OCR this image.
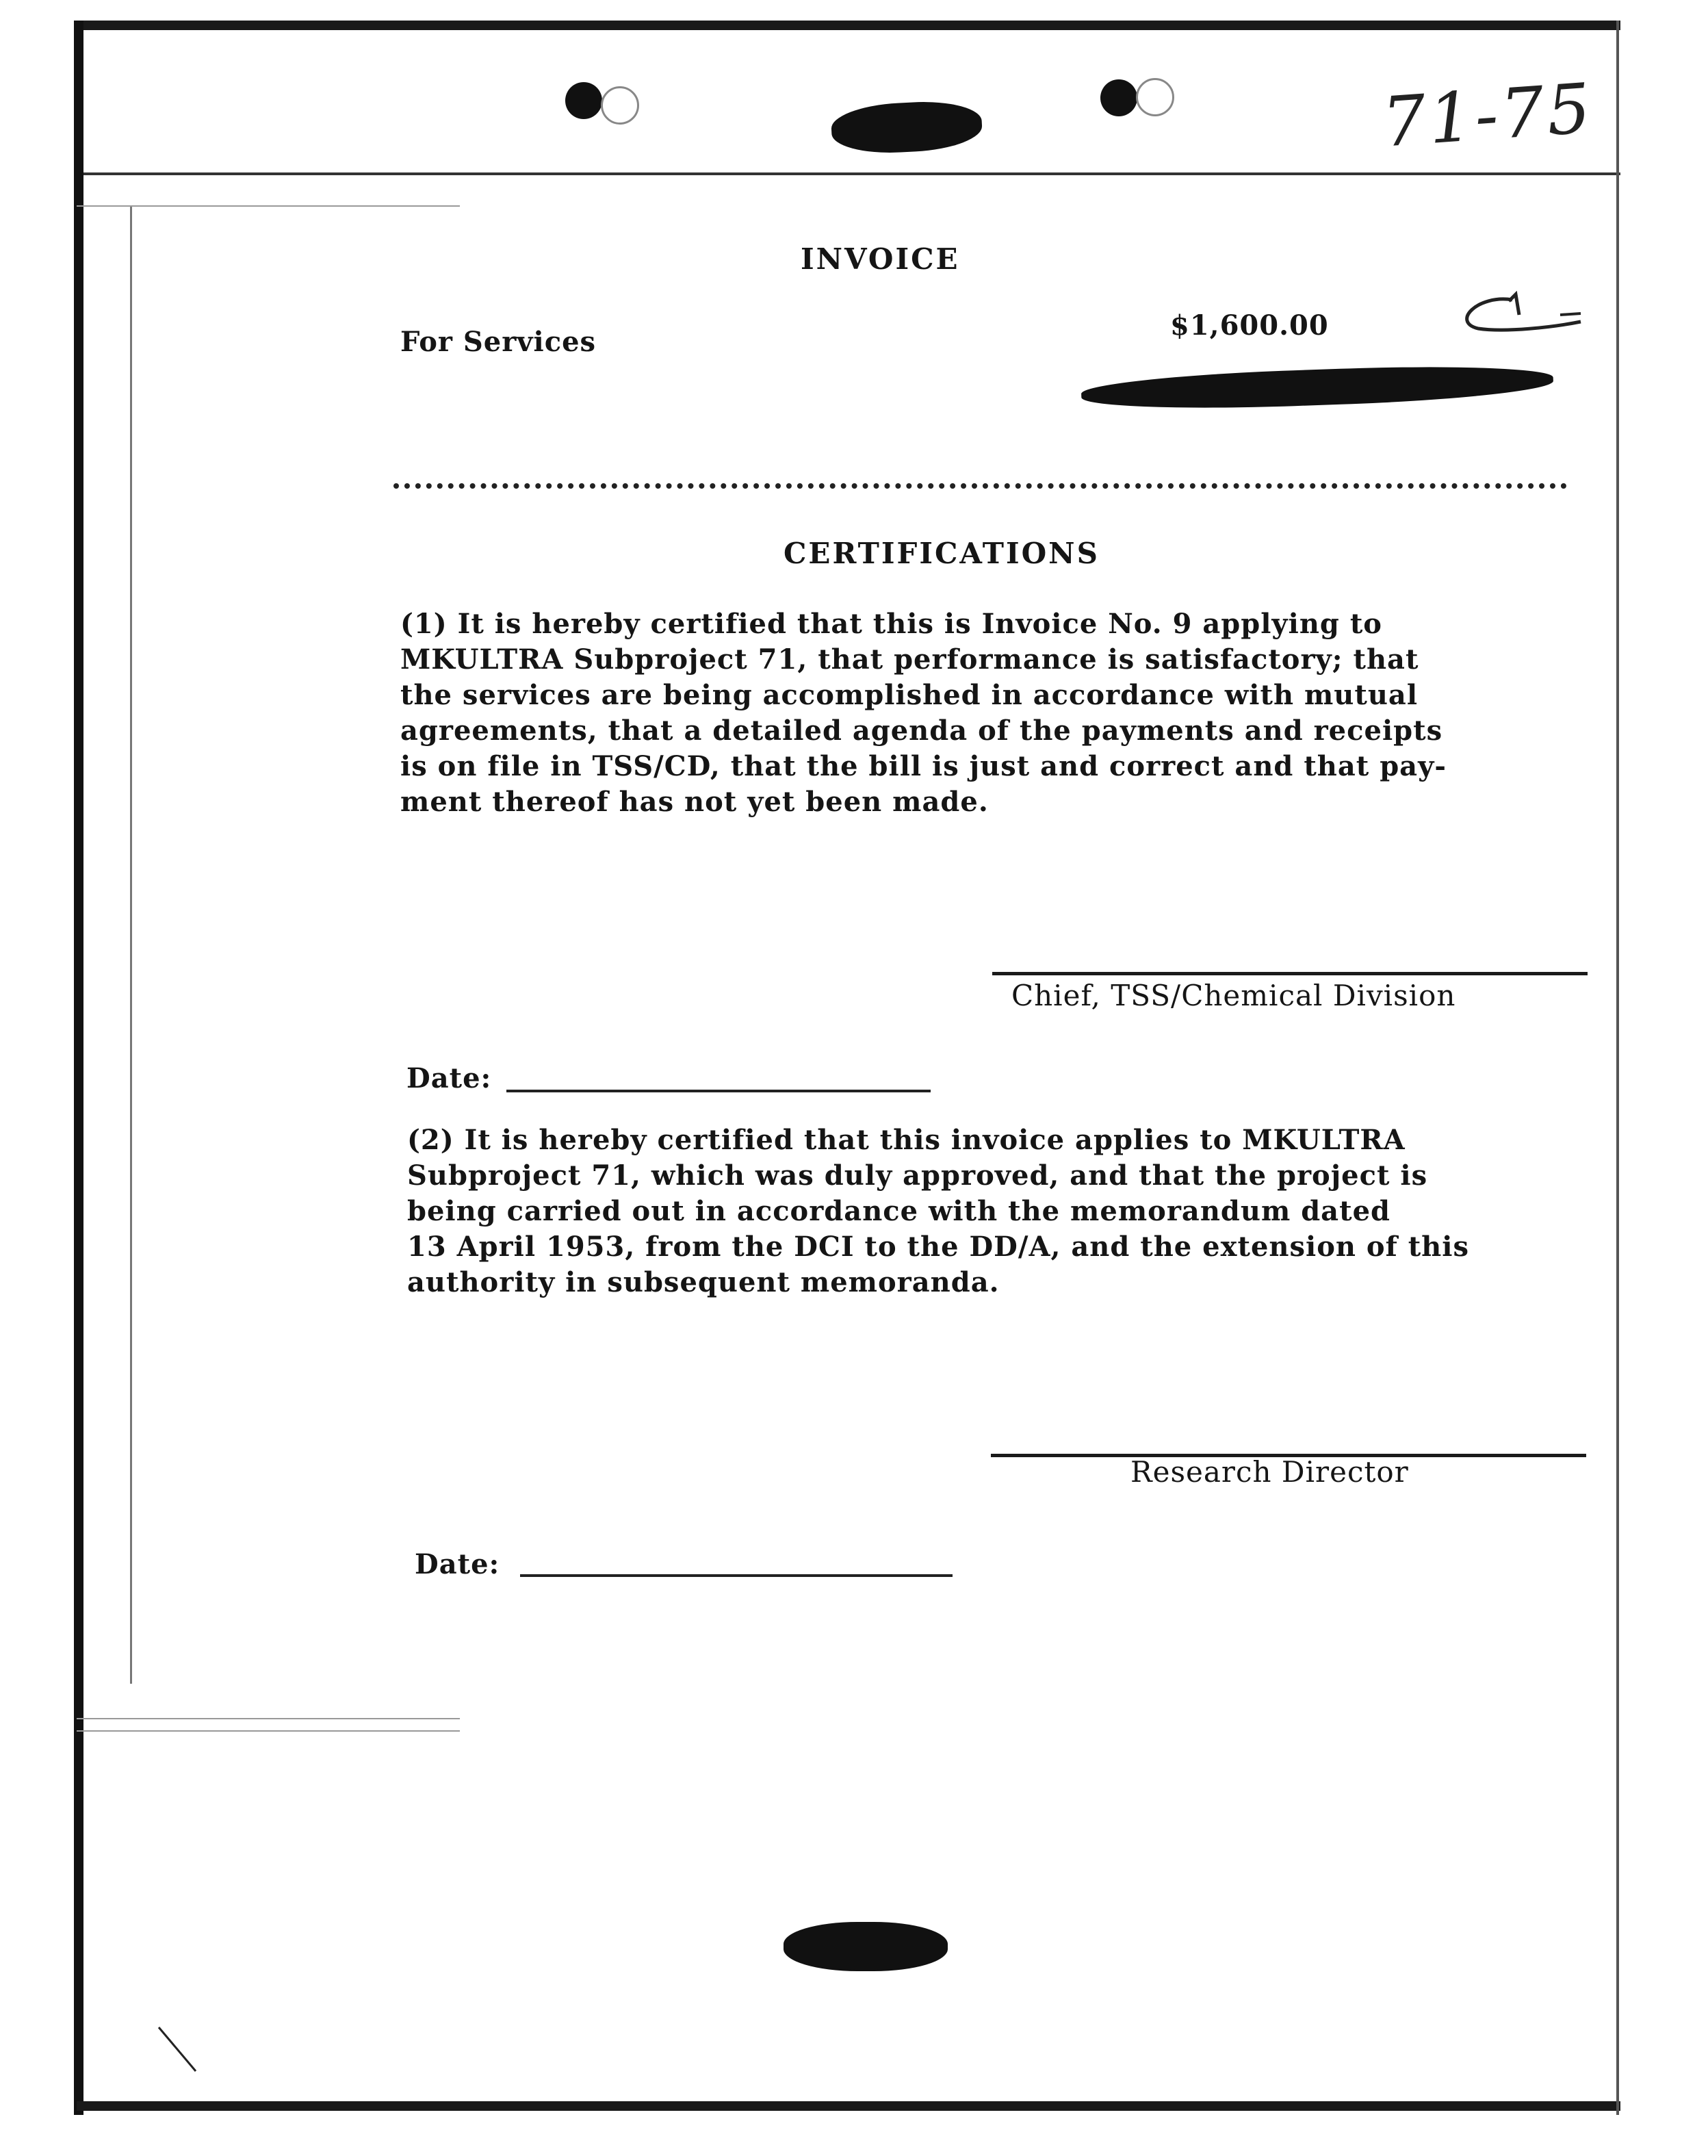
71-75
INVOICE
For Services
$1,600.00
CERTIFICATIONS
(1) It is hereby certified that this is Invoice No. 9 applying to
MKULTRA Subproject 71, that performance is satisfactory; that
the services are being accomplished in accordance with mutual
agreements, that a detailed agenda of the payments and receipts
is on file in TSS/CD, that the bill is just and correct and that pay-
ment thereof has not yet been made.
Chief, TSS/Chemical Division
Date:
(2) It is hereby certified that this invoice applies to MKULTRA
Subproject 71, which was duly approved, and that the project is
being carried out in accordance with the memorandum dated
13 April 1953, from the DCI to the DD/A, and the extension of this
authority in subsequent memoranda.
Research Director
Date:
